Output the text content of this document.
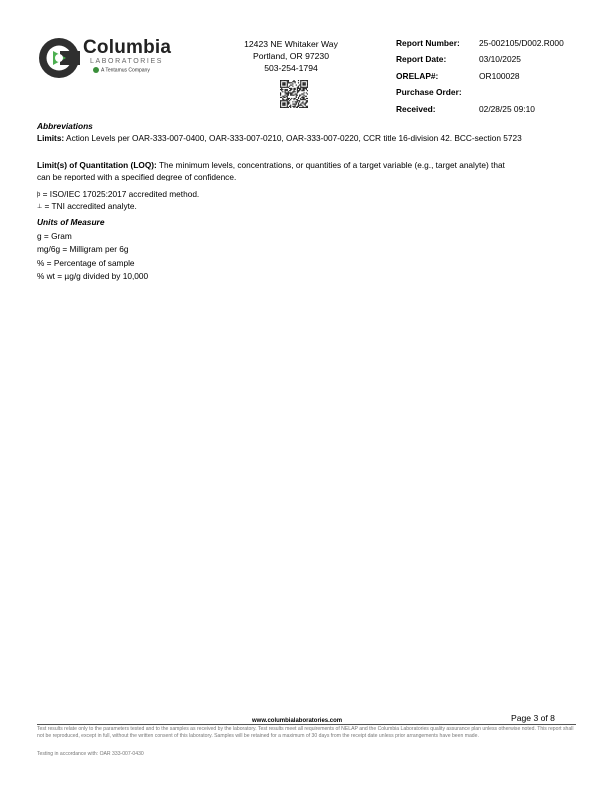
Columbia
LABORATORIES
A Tentamus Company
12423 NE Whitaker Way
Portland, OR 97230
503-254-1794
Report Number: 25-002105/D002.R000
Report Date:	03/10/2025
ORELAP#:	OR100028
Purchase Order:
Received:	02/28/25 09:10
Abbreviations
Limits: Action Levels per OAR-333-007-0400, OAR-333-007-0210, OAR-333-007-0220, CCR title 16-division 42. BCC-section 5723
Limit(s) of Quantitation (LOQ): The minimum levels, concentrations, or quantities of a target variable (e.g., target analyte) that can be reported with a specified degree of confidence.
þ = ISO/IEC 17025:2017 accredited method.
⊥ = TNI accredited analyte.
Units of Measure
g = Gram
mg/6g = Milligram per 6g
% = Percentage of sample
% wt = µg/g divided by 10,000
Page 3 of 8
www.columbialaboratories.com
Test results relate only to the parameters tested and to the samples as received by the laboratory. Test results meet all requirements of NELAP and the Columbia Laboratories quality assurance plan unless otherwise noted. This report shall not be reproduced, except in full, without the written consent of this laboratory. Samples will be retained for a maximum of 30 days from the receipt date unless prior arrangements have been made.
Testing in accordance with: OAR 333-007-0430
